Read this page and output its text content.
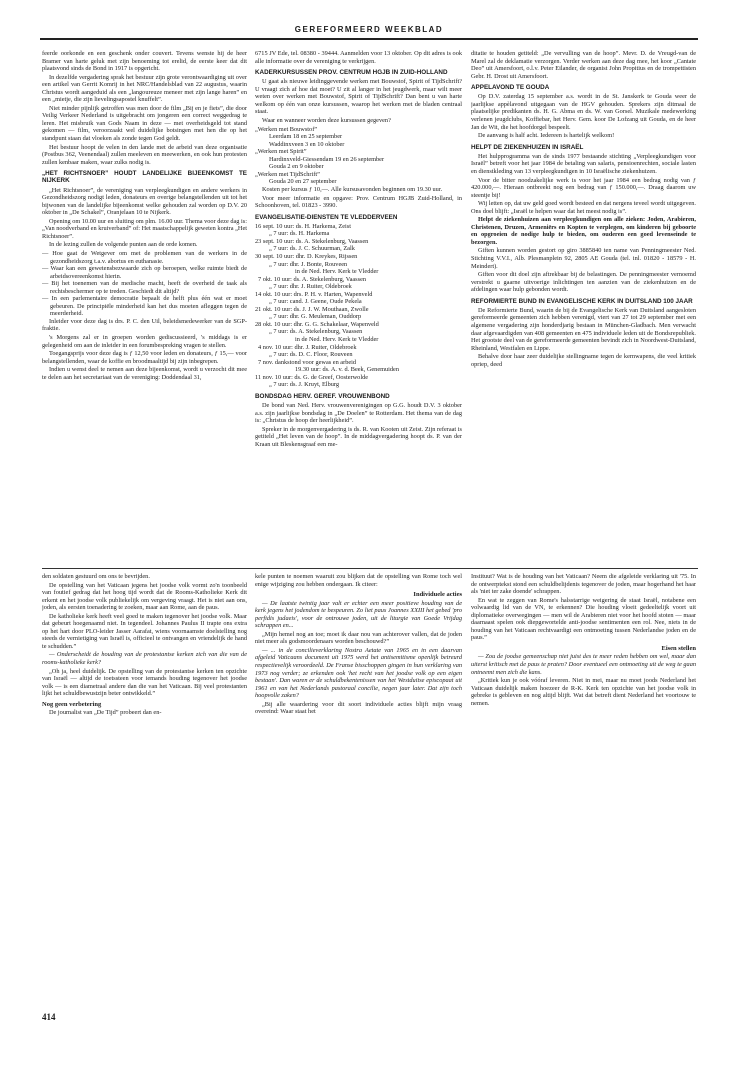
GEREFORMEERD WEEKBLAD

feerde oorkonde en een geschenk onder couvert. Tevens wenste hij de heer Bramer van harte geluk met zijn benoeming tot erelid, de eerste keer dat dit plaatsvond sinds de Bond in 1917 is opgericht.

In dezelfde vergadering sprak het bestuur zijn grote verontwaardiging uit over een artikel van Gerrit Komrij in het NRC/Handelsblad van 22 augustus, waarin Christus wordt aangeduid als een „langoureuze meneer met zijn lange haren” en een „mietje, die zijn lievelingsapostel knuffelt”.

Niet minder pijnlijk getroffen was men door de film „Bij en je fiets”, die door Veilig Verkeer Nederland is uitgebracht om jongeren een correct weggedrag te leren. Het misbruik van Gods Naam in deze — met overheidsgeld tot stand gekomen — film, veroorzaakt wel duidelijke botsingen met hen die op het standpunt staan dat vloeken als zonde tegen God geldt.

Het bestuur hoopt de velen in den lande met de arbeid van deze organisatie (Postbus 362, Veenendaal) zullen meeleven en meewerken, en ook hun protesten zullen kenbaar maken, waar zulks nodig is.

„HET RICHTSNOER” HOUDT LANDELIJKE BIJEENKOMST TE NIJKERK

„Het Richtsnoer”, de vereniging van verpleegkundigen en andere werkers in Gezondheidszorg nodigt leden, donateurs en overige belangstellenden uit tot het bijwonen van de landelijke bijeenkomst welke gehouden zal worden op D.V. 20 oktober in „De Schakel”, Oranjelaan 10 te Nijkerk.

Opening om 10.00 uur en sluiting om plm. 16.00 uur. Thema voor deze dag is: „Van noodverband en kruiverband” of: Het maatschappelijk geweten kontra „Het Richtsnoer”.

In de lezing zullen de volgende punten aan de orde komen.

— Hoe gaat de Wetgever om met de problemen van de werkers in de gezondheidszorg t.a.v. abortus en euthanasie.
— Waar kan een gewetensbezwaarde zich op beroepen, welke ruimte biedt de arbeidsovereenkomst hierin.
— Bij het toenemen van de medische macht, heeft de overheid de taak als rechtsbeschermer op te treden. Geschiedt dit altijd?
— In een parlementaire democratie bepaalt de helft plus één wat er moet gebeuren. De principiële minderheid kan het dus moeten afleggen tegen de meerderheid.

Inleider voor deze dag is drs. P. C. den Uil, beleidsmedewerker van de SGP-fraktie.

's Morgens zal er in groepen worden gediscussieerd, 's middags is er gelegenheid om aan de inleider in een forumbespreking vragen te stellen.

Toegangsprijs voor deze dag is ƒ 12,50 voor leden en donateurs, ƒ 15,— voor belangstellenden, waar de koffie en broodmaaltijd bij zijn inbegrepen.

Indien u wenst deel te nemen aan deze bijeenkomst, wordt u verzocht dit mee te delen aan het secretariaat van de vereniging: Doddendaal 31,

6715 JV Ede, tel. 08380 - 39444. Aanmelden voor 13 oktober. Op dit adres is ook alle informatie over de vereniging te verkrijgen.

KADERKURSUSSEN PROV. CENTRUM HGJB IN ZUID-HOLLAND

U gaat als nieuwe leidinggevende werken met Bouwstof, Spirit of TijdSchrift? U vraagt zich af hoe dat moet? U zit al langer in het jeugdwerk, maar wilt meer weten over werken met Bouwstof, Spirit of TijdSchrift? Dan bent u van harte welkom op één van onze kursussen, waarop het werken met de bladen centraal staat.

Waar en wanneer worden deze kursussen gegeven?

„Werken met Bouwstof”
Leerdam 18 en 25 september
Waddinxveen 3 en 10 oktober
„Werken met Spirit”
Hardinxveld-Giessendam 19 en 26 september
Gouda 2 en 9 oktober
„Werken met TijdSchrift”
Gouda 20 en 27 september

Kosten per kursus ƒ 10,—. Alle kursusavonden beginnen om 19.30 uur.

Voor meer informatie en opgave: Prov. Centrum HGJB Zuid-Holland, in Schoonhoven, tel. 01823 - 3990.

EVANGELISATIE-DIENSTEN TE VLEDDERVEEN
16 sept. 10 uur: ds. H. Harkema, Zeist
„ 7 uur: ds. H. Harkema
23 sept. 10 uur: ds. A. Stekelenburg, Vaassen
„ 7 uur: ds. J. C. Schuurman, Zalk
30 sept. 10 uur: dhr. D. Kreykes, Rijssen
„ 7 uur: dhr. J. Bonte, Rouveen
in de Ned. Herv. Kerk te Vledder
7 okt. 10 uur: ds. A. Stekelenburg, Vaassen
„ 7 uur: dhr. J. Ruiter, Oldebroek
14 okt. 10 uur: drs. P. H. v. Harten, Wapenveld
„ 7 uur: cand. J. Geene, Oude Pekela
21 okt. 10 uur: ds. J. J. W. Mouthaan, Zwolle
„ 7 uur: dhr. G. Meuleman, Ouddorp
28 okt. 10 uur: dhr. G. G. Schakelaar, Wapenveld
„ 7 uur: ds. A. Stekelenburg, Vaassen
in de Ned. Herv. Kerk te Vledder
4 nov. 10 uur: dhr. J. Ruiter, Oldebroek
„ 7 uur: ds. D. C. Floor, Rouveen
7 nov. dankstond voor gewas en arbeid
19.30 uur: ds. A. v. d. Beek, Genemuiden
11 nov. 10 uur: ds. G. de Greef, Oosterwolde
„ 7 uur: ds. J. Kruyt, Elburg
BONDSDAG HERV. GEREF. VROUWENBOND

De bond van Ned. Herv. vrouwenverenigingen op G.G. houdt D.V. 3 oktober a.s. zijn jaarlijkse bondsdag in „De Doelen” te Rotterdam. Het thema van de dag is: „Christus de hoop der heerlijkheid”.

Spreker in de morgenvergadering is ds. R. van Kooten uit Zeist. Zijn referaat is getiteld „Het leven van de hoop”. In de middagvergadering hoopt ds. P. van der Kraan uit Bleskensgraaf een me-

ditatie te houden getiteld: „De vervulling van de hoop”. Mevr. D. de Vreugd-van de Marel zal de deklamatie verzorgen. Verder werken aan deze dag mee, het koor „Cantate Deo” uit Amersfoort, o.l.v. Peter Eilander, de organist John Propitius en de trompettisten Gebr. H. Drost uit Amersfoort.

APPELAVOND TE GOUDA

Op D.V. zaterdag 15 september a.s. wordt in de St. Janskerk te Gouda weer de jaarlijkse appèlavond uitgegaan van de HGV gehouden. Sprekers zijn ditmaal de plaatselijke predikanten ds. H. G. Abma en ds. W. van Gorsel. Muzikale medewerking verlenen jeugdclubs, Koffiebar, het Herv. Gem. koor De Lofzang uit Gouda, en de heer Jan de Wit, die het hoofdorgel bespeelt.

De aanvang is half acht. Iedereen is hartelijk welkom!

HELPT DE ZIEKENHUIZEN IN ISRAËL

Het hulpprogramma van de sinds 1977 bestaande stichting „Verpleegkundigen voor Israël” betreft voor het jaar 1984 de betaling van salaris, pensioenrechten, sociale lasten en dienstkleding van 13 verpleegkundigen in 10 Israëlische ziekenhuizen.

Voor de bitter noodzakelijke werk is voor het jaar 1984 een bedrag nodig van ƒ 420.000,—. Hieraan ontbreekt nog een bedrag van ƒ 150.000,—. Draag daarom uw steentje bij!

Wij letten op, dat uw geld goed wordt besteed en dat nergens teveel wordt uitgegeven. Ons doel blijft: „Israël te helpen waar dat het meest nodig is”.

Helpt de ziekenhuizen aan verpleegkundigen om alle zieken: Joden, Arabieren, Christenen, Druzen, Armeniërs en Kopten te verplegen, om kinderen bij geboorte en opgroeien de nodige hulp te bieden, om ouderen een goed levenseinde te bezorgen.

Giften kunnen worden gestort op giro 3885840 ten name van Penningmeester Ned. Stichting V.V.I., Alb. Plesmanplein 92, 2805 AE Gouda (tel. inl. 01820 - 18579 - H. Meindert).

Giften voor dit doel zijn aftrekbaar bij de belastingen. De penningmeester vernoemd verstrekt u gaarne uitvoerige inlichtingen ten aanzien van de ziekenhuizen en de afdelingen waar hulp gebonden wordt.

REFORMIERTE BUND IN EVANGELISCHE KERK IN DUITSLAND 100 JAAR

De Reformierte Bund, waarin de bij de Evangelische Kerk van Duitsland aangesloten gereformeerde gemeenten zich hebben verenigd, viert van 27 tot 29 september met een algemene vergadering zijn honderdjarig bestaan in München-Gladbach. Men verwacht daar afgevaardigden van 408 gemeenten en 475 individuele leden uit de Bondsrepubliek. Het grootste deel van de gereformeerde gemeenten bevindt zich in Noordwest-Duitsland, Rheinland, Westfalen en Lippe.

Behalve door haar zeer duidelijke stellingname tegen de kernwapens, die veel kritiek opriep, deed

den soldaten gestuurd om ons te bevrijden.

De opstelling van het Vaticaan jegens het joodse volk vormt zo'n toonbeeld van foutief gedrag dat het hoog tijd wordt dat de Rooms-Katholieke Kerk dit erkent en het joodse volk publiekelijk om vergeving vraagt. Het is niet aan ons, joden, als eersten toenadering te zoeken, maar aan Rome, aan de paus.

De katholieke kerk heeft veel goed te maken tegenover het joodse volk. Maar dat gebeurt hoegenaamd niet. In tegendeel. Johannes Paulus II trapte ons extra op het hart door PLO-leider Jasser Aarafat, wiens voornaamste doelstelling nog steeds de vernietiging van Israël is, officieel te ontvangen en vriendelijk de hand te schudden.”

— Onderscheidt de houding van de protestantse kerken zich van die van de rooms-katholieke kerk?

„Oh ja, heel duidelijk. De opstelling van de protestantse kerken ten opzichte van Israël — altijd de toetssteen voor iemands houding tegenover het joodse volk — is een diametraal andere dan die van het Vaticaan. Bij veel protestanten lijkt het schuldbewustzijn beter ontwikkeld.”

Nog geen verbetering

De journalist van „De Tijd” probeert dan en-

kele punten te noemen waaruit zou blijken dat de opstelling van Rome toch wel enige wijziging zou hebben ondergaan. Ik citeer:

Individuele acties

— De laatste twintig jaar valt er echter een meer positieve houding van de kerk jegens het jodendom te bespeuren. Zo liet paus Joannes XXIII het gebed 'pro perfidis judaeis', voor de ontrouwe joden, uit de liturgie van Goede Vrijdag schrappen en...

„Mijn hemel nog an toe; moet ik daar nou van achterover vallen, dat de joden niet meer als godsmoordenaars worden beschouwd?”

— ... in de concilieverklaring Nostra Aetate van 1965 en in een daarvan afgeleid Vaticaans document uit 1975 werd het antisemitisme openlijk betreurd respectievelijk veroordeeld. De Franse bisschoppen gingen in hun verklaring van 1973 nog verder; ze erkenden ook 'het recht van het joodse volk op een eigen bestaan'. Dan waren er de schuldbekentenissen van het Westduitse episcopaat uit 1961 en van het Nederlands pastoraal concilie, negen jaar later. Dat zijn toch hoopvolle zaken?

„Bij alle waardering voor dit soort individuele acties blijft mijn vraag overeind: Waar staat het

Instituut? Wat is de houding van het Vaticaan? Neem die afgeleide verklaring uit '75. In de ontwerptekst stond een schuldbelijdenis tegenover de joden, maar hogerhand het haar als 'niet ter zake doende' schrappen.

En wat te zeggen van Rome's halsstarrige weigering de staat Israël, notabene een volwaardig lid van de VN, te erkennen? Die houding vloeit gedeeltelijk voort uit diplomatieke overwegingen — men wil de Arabieren niet voor het hoofd stoten — maar daarnaast spelen ook diepgewortelde anti-joodse sentimenten een rol. Nee, niets in de houding van het Vaticaan rechtvaardigt een ontmoeting tussen Nederlandse joden en de paus.”

Eisen stellen

— Zou de joodse gemeenschap niet juist des te meer reden hebben om wel, maar dan uiterst kritisch met de paus te praten? Door eventueel een ontmoeting uit de weg te gaan ontneemt men zich die kans.

„Kritiek kun je ook vóóraf leveren. Niet in mei, maar nu moet joods Nederland het Vaticaan duidelijk maken hoezeer de R-K. Kerk ten opzichte van het joodse volk in gebreke is gebleven en nog altijd blijft. Wat dat betreft dient Nederland het voortouw te nemen.

414
